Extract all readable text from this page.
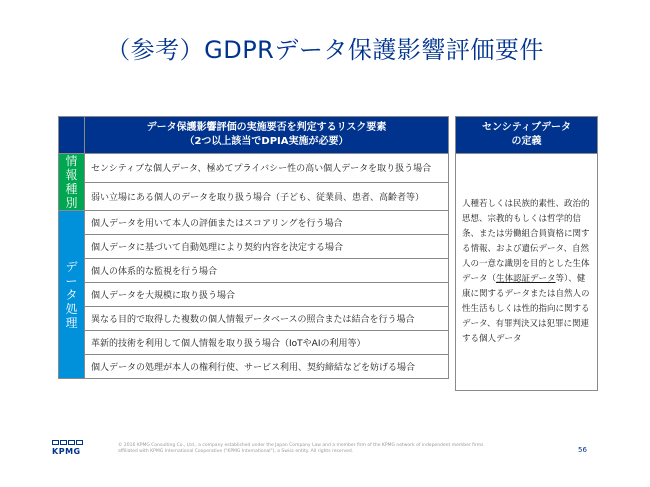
（参考）GDPRデータ保護影響評価要件

	データ保護影響評価の実施要否を判定するリスク要素
（2つ以上該当でDPIA実施が必要）

情報種別	センシティブな個人データ、極めてプライバシー性の高い個人データを取り扱う場合
	弱い立場にある個人のデータを取り扱う場合（子ども、従業員、患者、高齢者等）
データ処理	個人データを用いて本人の評価またはスコアリングを行う場合
	個人データに基づいて自動処理により契約内容を決定する場合
	個人の体系的な監視を行う場合
	個人データを大規模に取り扱う場合
	異なる目的で取得した複数の個人情報データベースの照合または結合を行う場合
	革新的技術を利用して個人情報を取り扱う場合（IoTやAIの利用等）
	個人データの処理が本人の権利行使、サービス利用、契約締結などを妨げる場合
センシティブデータ
の定義

人種若しくは民族的素性、政治的思想、宗教的もしくは哲学的信条、または労働組合員資格に関する情報、および遺伝データ、自然人の一意な識別を目的とした生体データ（生体認証データ等）、健康に関するデータまたは自然人の性生活もしくは性的指向に関するデータ、有罪判決又は犯罪に関連する個人データ
KPMG
© 2016 KPMG Consulting Co., Ltd., a company established under the Japan Company Law and a member firm of the KPMG network of independent member firms
affiliated with KPMG International Cooperative ("KPMG International"), a Swiss entity. All rights reserved.	56
